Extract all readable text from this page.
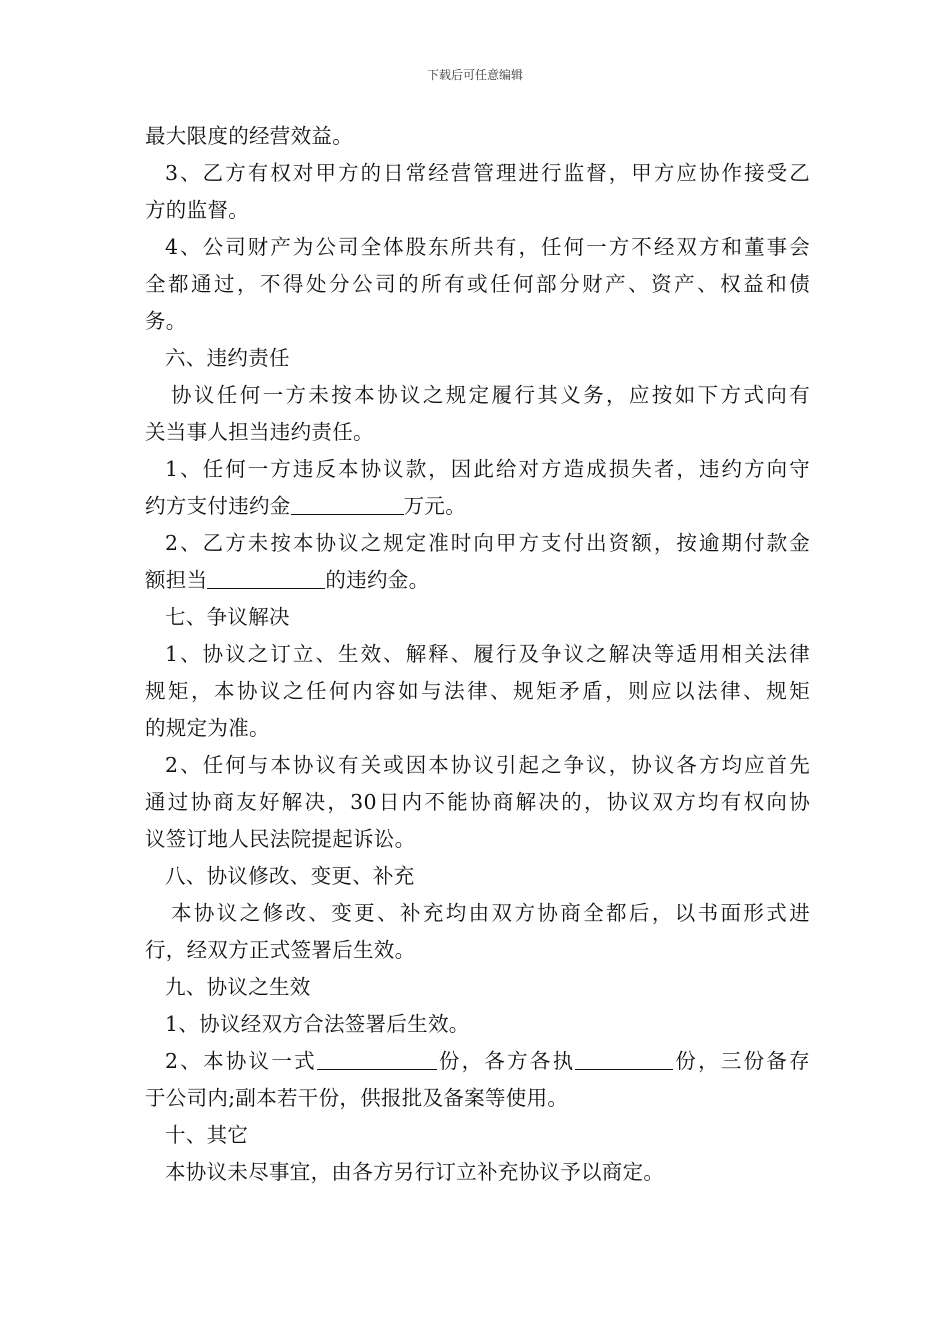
下载后可任意编辑
最大限度的经营效益。
3、乙方有权对甲方的日常经营管理进行监督，甲方应协作接受乙
方的监督。
4、公司财产为公司全体股东所共有，任何一方不经双方和董事会
全都通过，不得处分公司的所有或任何部分财产、资产、权益和债
务。
六、违约责任
协议任何一方未按本协议之规定履行其义务，应按如下方式向有
关当事人担当违约责任。
1、任何一方违反本协议款，因此给对方造成损失者，违约方向守
约方支付违约金	万元。
2、乙方未按本协议之规定准时向甲方支付出资额，按逾期付款金
额担当	的违约金。
七、争议解决
1、协议之订立、生效、解释、履行及争议之解决等适用相关法律
规矩，本协议之任何内容如与法律、规矩矛盾，则应以法律、规矩
的规定为准。
2、任何与本协议有关或因本协议引起之争议，协议各方均应首先
通过协商友好解决，30日内不能协商解决的，协议双方均有权向协
议签订地人民法院提起诉讼。
八、协议修改、变更、补充
本协议之修改、变更、补充均由双方协商全都后，以书面形式进
行，经双方正式签署后生效。
九、协议之生效
1、协议经双方合法签署后生效。
2、本协议一式	份，各方各执	份，三份备存
于公司内;副本若干份，供报批及备案等使用。
十、其它
本协议未尽事宜，由各方另行订立补充协议予以商定。
